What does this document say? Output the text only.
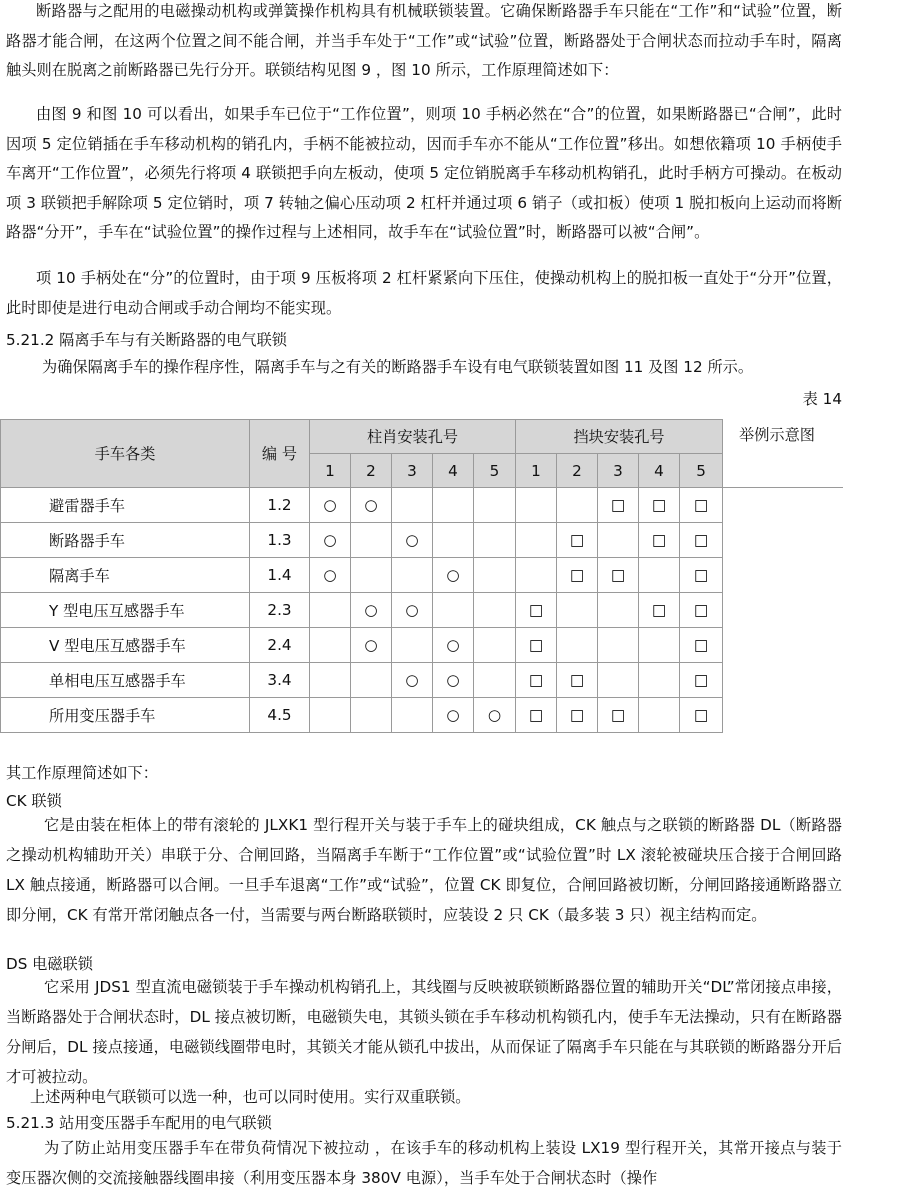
断路器与之配用的电磁操动机构或弹簧操作机构具有机械联锁装置。它确保断路器手车只能在“工作”和“试验”位置，断路器才能合闸，在这两个位置之间不能合闸，并当手车处于“工作”或“试验”位置，断路器处于合闸状态而拉动手车时，隔离触头则在脱离之前断路器已先行分开。联锁结构见图 9 ，图 10 所示，工作原理简述如下：
由图 9 和图 10 可以看出，如果手车已位于“工作位置”，则项 10 手柄必然在“合”的位置，如果断路器已“合闸”，此时因项 5 定位销插在手车移动机构的销孔内，手柄不能被拉动，因而手车亦不能从“工作位置”移出。如想依籍项 10 手柄使手车离开“工作位置”，必须先行将项 4 联锁把手向左板动，使项 5 定位销脱离手车移动机构销孔，此时手柄方可操动。在板动项 3 联锁把手解除项 5 定位销时，项 7 转轴之偏心压动项 2 杠杆并通过项 6 销子（或扣板）使项 1 脱扣板向上运动而将断路器“分开”，手车在“试验位置”的操作过程与上述相同，故手车在“试验位置”时，断路器可以被“合闸”。
项 10 手柄处在“分”的位置时，由于项 9 压板将项 2 杠杆紧紧向下压住，使操动机构上的脱扣板一直处于“分开”位置，此时即使是进行电动合闸或手动合闸均不能实现。
5.21.2 隔离手车与有关断路器的电气联锁
为确保隔离手车的操作程序性，隔离手车与之有关的断路器手车设有电气联锁装置如图 11 及图 12 所示。
表 14
手车各类	编 号	柱肖安装孔号					挡块安装孔号					举例示意图
		1	2	3	4	5	1	2	3	4	5	
避雷器手车	1.2	○	○						□	□	□	
断路器手车	1.3	○		○				□		□	□	
隔离手车	1.4	○			○			□	□		□	
Y 型电压互感器手车	2.3		○	○			□			□	□	
V 型电压互感器手车	2.4		○		○		□				□	
单相电压互感器手车	3.4			○	○		□	□			□	
所用变压器手车	4.5				○	○	□	□	□		□	
其工作原理简述如下：
CK 联锁
它是由装在柜体上的带有滚轮的 JLXK1 型行程开关与装于手车上的碰块组成，CK 触点与之联锁的断路器 DL（断路器之操动机构辅助开关）串联于分、合闸回路，当隔离手车断于“工作位置”或“试验位置”时 LX 滚轮被碰块压合接于合闸回路 LX 触点接通，断路器可以合闸。一旦手车退离“工作”或“试验”，位置 CK 即复位，合闸回路被切断，分闸回路接通断路器立即分闸，CK 有常开常闭触点各一付，当需要与两台断路联锁时，应装设 2 只 CK（最多装 3 只）视主结构而定。
DS 电磁联锁
它采用 JDS1 型直流电磁锁装于手车操动机构销孔上，其线圈与反映被联锁断路器位置的辅助开关“DL”常闭接点串接，当断路器处于合闸状态时，DL 接点被切断，电磁锁失电，其锁头锁在手车移动机构锁孔内，使手车无法操动，只有在断路器分闸后，DL 接点接通，电磁锁线圈带电时，其锁关才能从锁孔中拔出，从而保证了隔离手车只能在与其联锁的断路器分开后才可被拉动。
上述两种电气联锁可以选一种，也可以同时使用。实行双重联锁。
5.21.3 站用变压器手车配用的电气联锁
为了防止站用变压器手车在带负荷情况下被拉动 ，在该手车的移动机构上装设 LX19 型行程开关，其常开接点与装于变压器次侧的交流接触器线圈串接（利用变压器本身 380V 电源），当手车处于合闸状态时（操作
